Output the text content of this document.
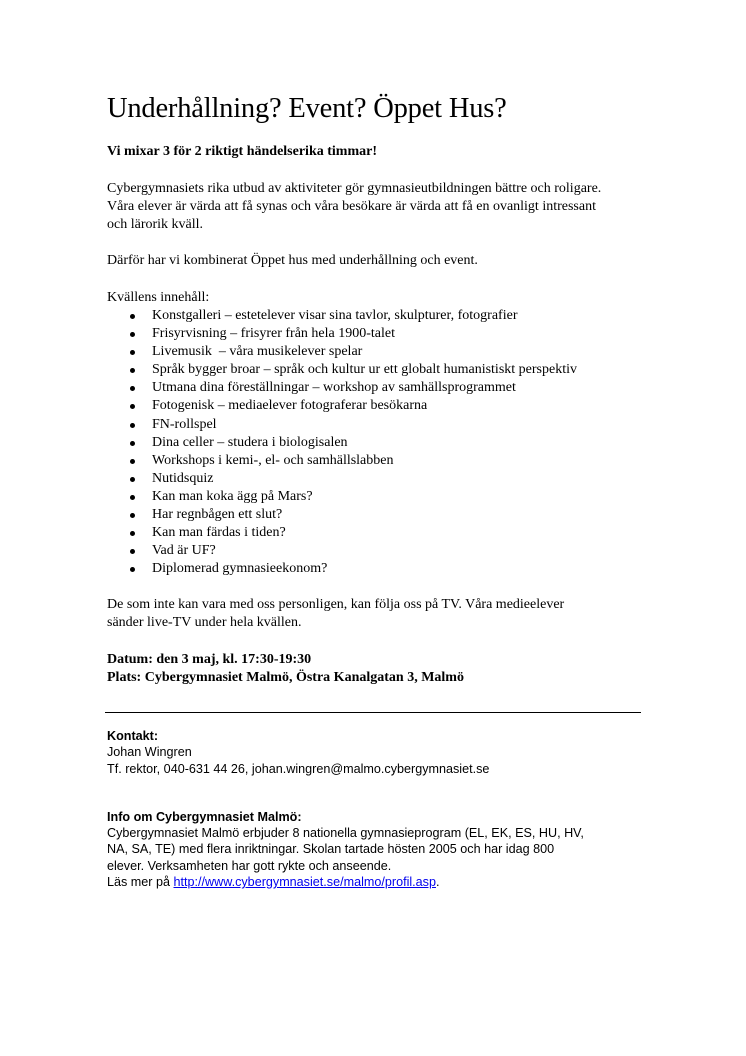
Underhållning? Event? Öppet Hus?
Vi mixar 3 för 2 riktigt händelserika timmar!

Cybergymnasiets rika utbud av aktiviteter gör gymnasieutbildningen bättre och roligare.
Våra elever är värda att få synas och våra besökare är värda att få en ovanligt intressant
och lärorik kväll.

Därför har vi kombinerat Öppet hus med underhållning och event.

Kvällens innehåll:
Konstgalleri – estetelever visar sina tavlor, skulpturer, fotografier
Frisyrvisning – frisyrer från hela 1900-talet
Livemusik  – våra musikelever spelar
Språk bygger broar – språk och kultur ur ett globalt humanistiskt perspektiv
Utmana dina föreställningar – workshop av samhällsprogrammet
Fotogenisk – mediaelever fotograferar besökarna
FN-rollspel
Dina celler – studera i biologisalen
Workshops i kemi-, el- och samhällslabben
Nutidsquiz
Kan man koka ägg på Mars?
Har regnbågen ett slut?
Kan man färdas i tiden?
Vad är UF?
Diplomerad gymnasieekonom?

De som inte kan vara med oss personligen, kan följa oss på TV. Våra medieelever
sänder live-TV under hela kvällen.

Datum: den 3 maj, kl. 17:30-19:30
Plats: Cybergymnasiet Malmö, Östra Kanalgatan 3, Malmö
Kontakt:
Johan Wingren
Tf. rektor, 040-631 44 26, johan.wingren@malmo.cybergymnasiet.se
Info om Cybergymnasiet Malmö:
Cybergymnasiet Malmö erbjuder 8 nationella gymnasieprogram (EL, EK, ES, HU, HV,
NA, SA, TE) med flera inriktningar. Skolan tartade hösten 2005 och har idag 800
elever. Verksamheten har gott rykte och anseende.
Läs mer på http://www.cybergymnasiet.se/malmo/profil.asp.
